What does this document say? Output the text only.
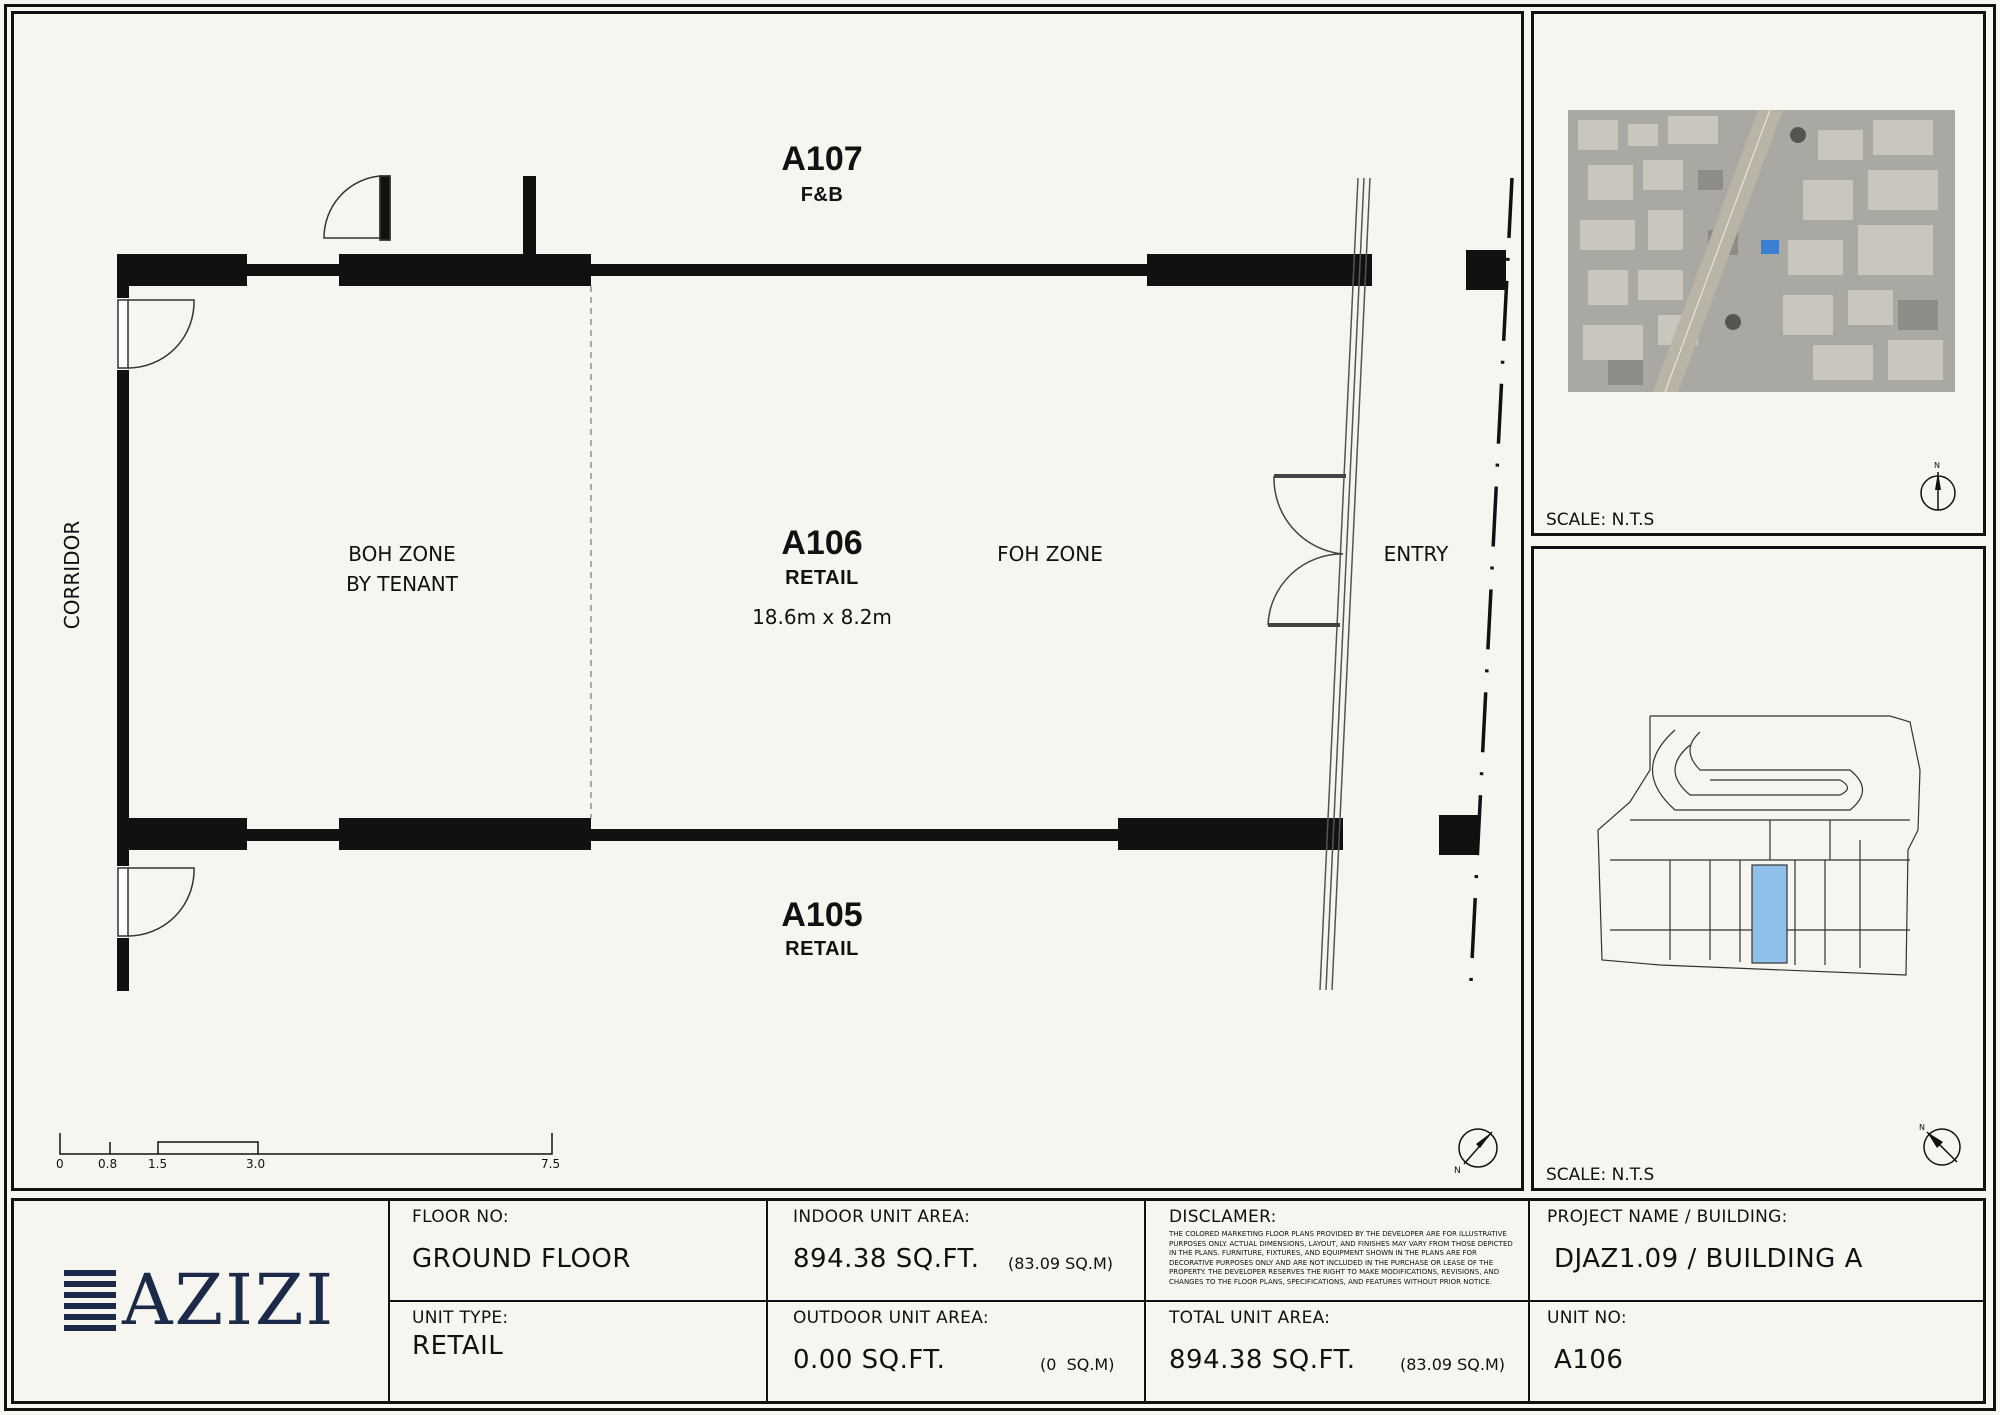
A107
F&B
A106
RETAIL
18.6m x 8.2m
A105
RETAIL
BOH ZONE
BY TENANT
FOH ZONE	ENTRY
CORRIDOR
0	0.8	1.5	3.0	7.5	N
SCALE: N.T.S
N
SCALE: N.T.S
N
AZIZI
FLOOR NO:
GROUND FLOOR
UNIT TYPE:
RETAIL
INDOOR UNIT AREA:
894.38 SQ.FT. (83.09 SQ.M)
OUTDOOR UNIT AREA:
0.00 SQ.FT.	(0  SQ.M)
DISCLAMER:
THE COLORED MARKETING FLOOR PLANS PROVIDED BY THE DEVELOPER ARE FOR ILLUSTRATIVE PURPOSES ONLY. ACTUAL DIMENSIONS, LAYOUT, AND FINISHES MAY VARY FROM THOSE DEPICTED IN THE PLANS. FURNITURE, FIXTURES, AND EQUIPMENT SHOWN IN THE PLANS ARE FOR DECORATIVE PURPOSES ONLY AND ARE NOT INCLUDED IN THE PURCHASE OR LEASE OF THE PROPERTY. THE DEVELOPER RESERVES THE RIGHT TO MAKE MODIFICATIONS, REVISIONS, AND CHANGES TO THE FLOOR PLANS, SPECIFICATIONS, AND FEATURES WITHOUT PRIOR NOTICE.
TOTAL UNIT AREA:
894.38 SQ.FT.	(83.09 SQ.M)
PROJECT NAME / BUILDING:
DJAZ1.09 / BUILDING A
UNIT NO:
A106
